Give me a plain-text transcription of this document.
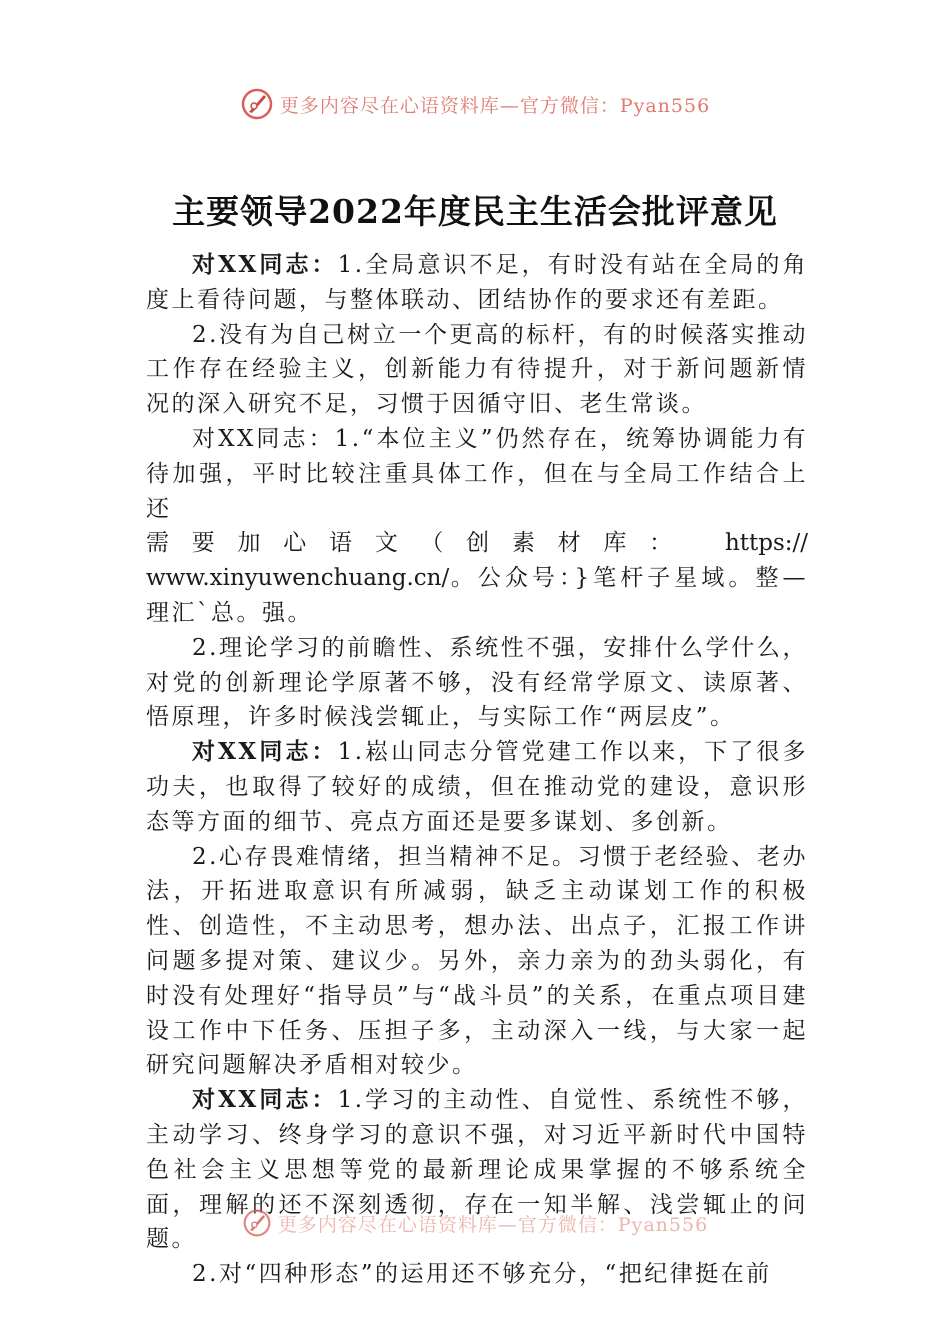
更多内容尽在心语资料库—官方微信：Pyan556
主要领导2022年度民主生活会批评意见

对XX同志：1.全局意识不足，有时没有站在全局的角度上看待问题，与整体联动、团结协作的要求还有差距。

2.没有为自己树立一个更高的标杆，有的时候落实推动工作存在经验主义，创新能力有待提升，对于新问题新情况的深入研究不足，习惯于因循守旧、老生常谈。

对XX同志：1.“本位主义”仍然存在，统筹协调能力有待加强，平时比较注重具体工作，但在与全局工作结合上还

需要加心语文（创素材库： https://
www.xinyuwenchuang.cn/。公众号：}笔杆子星域。整—理汇`总。强。

2.理论学习的前瞻性、系统性不强，安排什么学什么，对党的创新理论学原著不够，没有经常学原文、读原著、悟原理，许多时候浅尝辄止，与实际工作“两层皮”。

对XX同志：1.崧山同志分管党建工作以来，下了很多功夫，也取得了较好的成绩，但在推动党的建设，意识形态等方面的细节、亮点方面还是要多谋划、多创新。

2.心存畏难情绪，担当精神不足。习惯于老经验、老办法，开拓进取意识有所减弱，缺乏主动谋划工作的积极性、创造性，不主动思考，想办法、出点子，汇报工作讲问题多提对策、建议少。另外，亲力亲为的劲头弱化，有时没有处理好“指导员”与“战斗员”的关系，在重点项目建设工作中下任务、压担子多，主动深入一线，与大家一起研究问题解决矛盾相对较少。

对XX同志：1.学习的主动性、自觉性、系统性不够，主动学习、终身学习的意识不强，对习近平新时代中国特色社会主义思想等党的最新理论成果掌握的不够系统全面，理解的还不深刻透彻，存在一知半解、浅尝辄止的问题。

2.对“四种形态”的运用还不够充分，“把纪律挺在前

更多内容尽在心语资料库—官方微信：Pyan556
